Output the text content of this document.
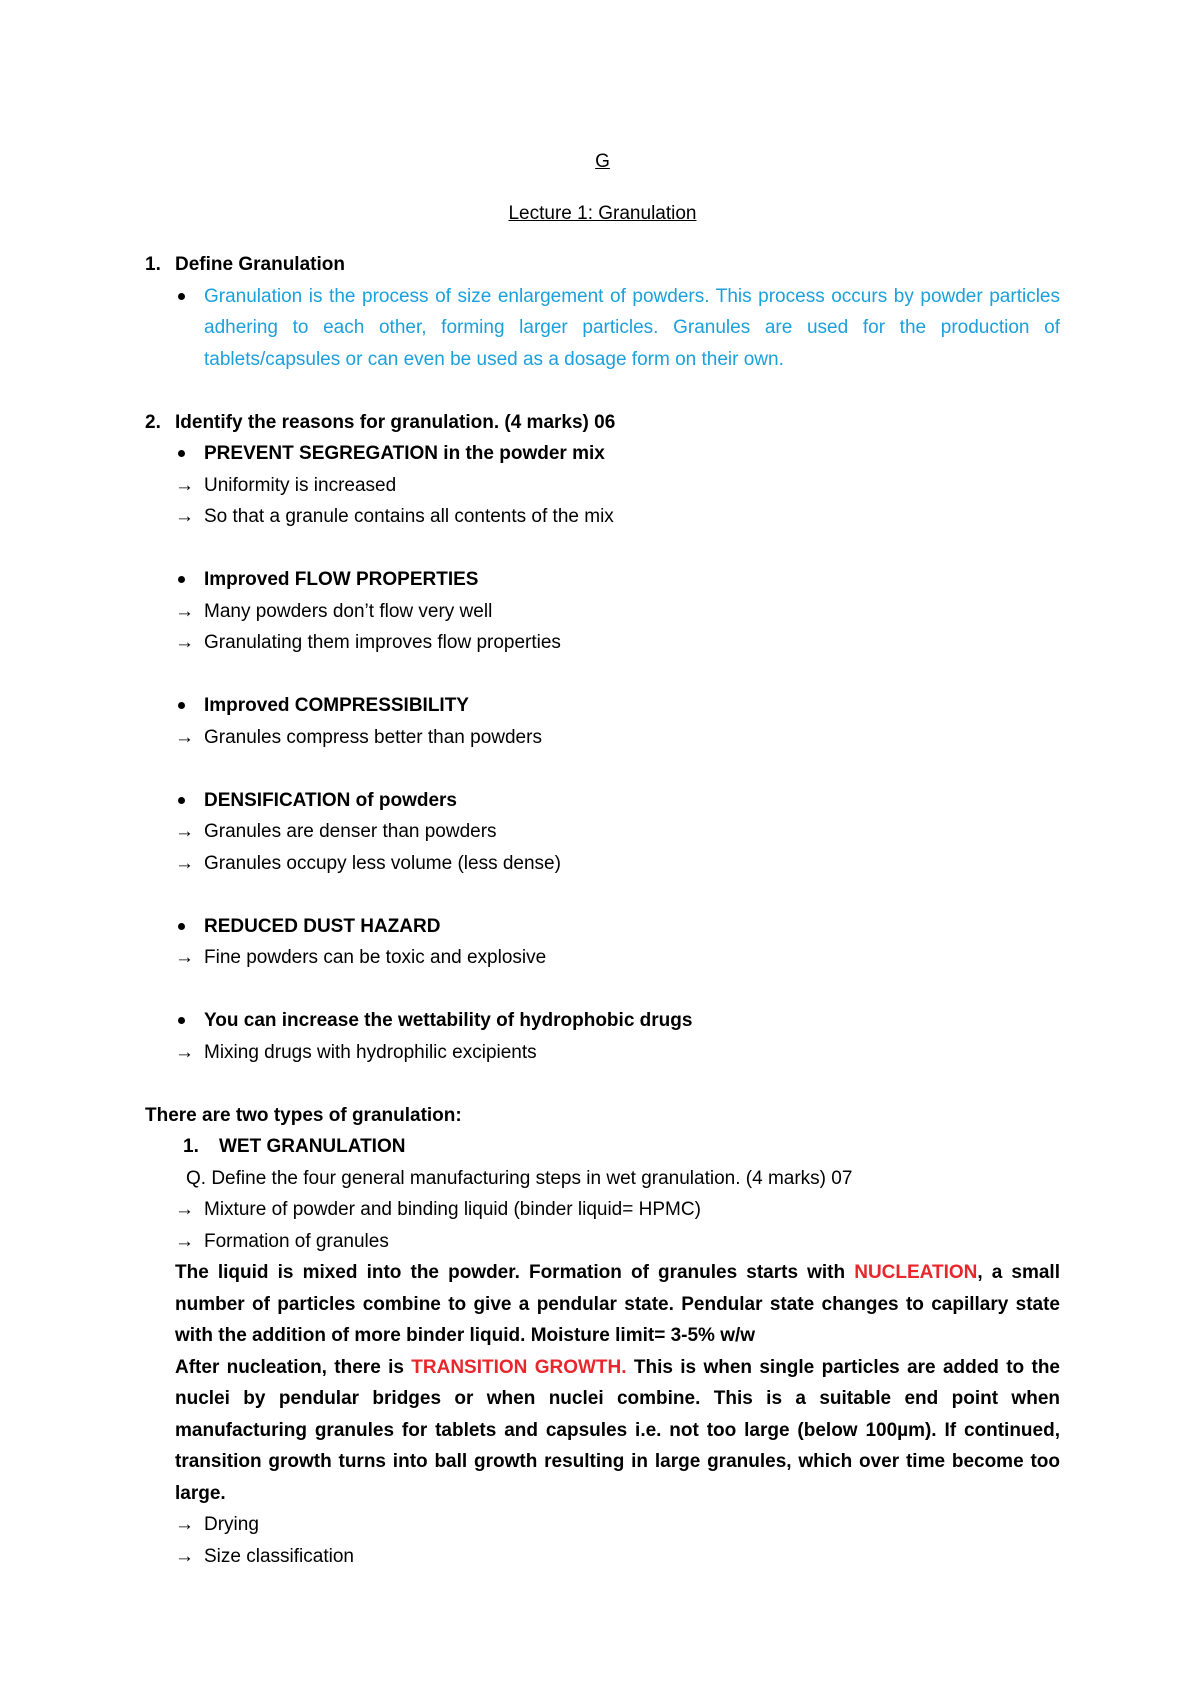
G
Lecture 1: Granulation
1. Define Granulation
Granulation is the process of size enlargement of powders. This process occurs by powder particles adhering to each other, forming larger particles. Granules are used for the production of tablets/capsules or can even be used as a dosage form on their own.
2. Identify the reasons for granulation. (4 marks) 06
PREVENT SEGREGATION in the powder mix
→ Uniformity is increased
→ So that a granule contains all contents of the mix
Improved FLOW PROPERTIES
→ Many powders don’t flow very well
→ Granulating them improves flow properties
Improved COMPRESSIBILITY
→ Granules compress better than powders
DENSIFICATION of powders
→ Granules are denser than powders
→ Granules occupy less volume (less dense)
REDUCED DUST HAZARD
→ Fine powders can be toxic and explosive
You can increase the wettability of hydrophobic drugs
→ Mixing drugs with hydrophilic excipients
There are two types of granulation:
1. WET GRANULATION
Q. Define the four general manufacturing steps in wet granulation. (4 marks) 07
→ Mixture of powder and binding liquid (binder liquid= HPMC)
→ Formation of granules
The liquid is mixed into the powder. Formation of granules starts with NUCLEATION, a small number of particles combine to give a pendular state. Pendular state changes to capillary state with the addition of more binder liquid. Moisture limit= 3-5% w/w
After nucleation, there is TRANSITION GROWTH. This is when single particles are added to the nuclei by pendular bridges or when nuclei combine. This is a suitable end point when manufacturing granules for tablets and capsules i.e. not too large (below 100µm). If continued, transition growth turns into ball growth resulting in large granules, which over time become too large.
→ Drying
→ Size classification
